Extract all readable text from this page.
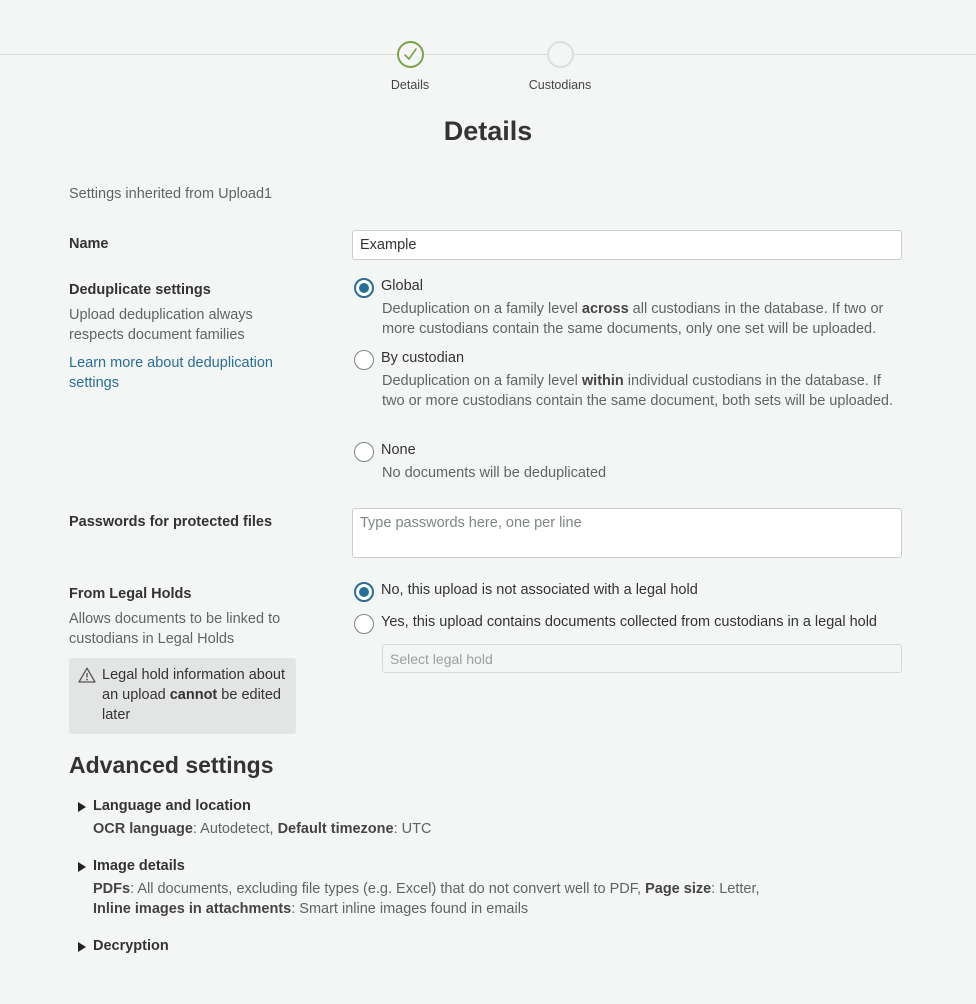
Details	Custodians
Details
Settings inherited from Upload1
Name	Example
Deduplicate settings
Upload deduplication always respects document families
Learn more about deduplication settings
Global
Deduplication on a family level across all custodians in the database. If two or more custodians contain the same documents, only one set will be uploaded.
By custodian
Deduplication on a family level within individual custodians in the database. If two or more custodians contain the same document, both sets will be uploaded.
None
No documents will be deduplicated
Passwords for protected files	Type passwords here, one per line
From Legal Holds
Allows documents to be linked to custodians in Legal Holds
No, this upload is not associated with a legal hold
Yes, this upload contains documents collected from custodians in a legal hold
Select legal hold
Legal hold information about an upload cannot be edited later
Advanced settings
Language and location
OCR language: Autodetect, Default timezone: UTC
Image details
PDFs: All documents, excluding file types (e.g. Excel) that do not convert well to PDF, Page size: Letter,
Inline images in attachments: Smart inline images found in emails
Decryption
